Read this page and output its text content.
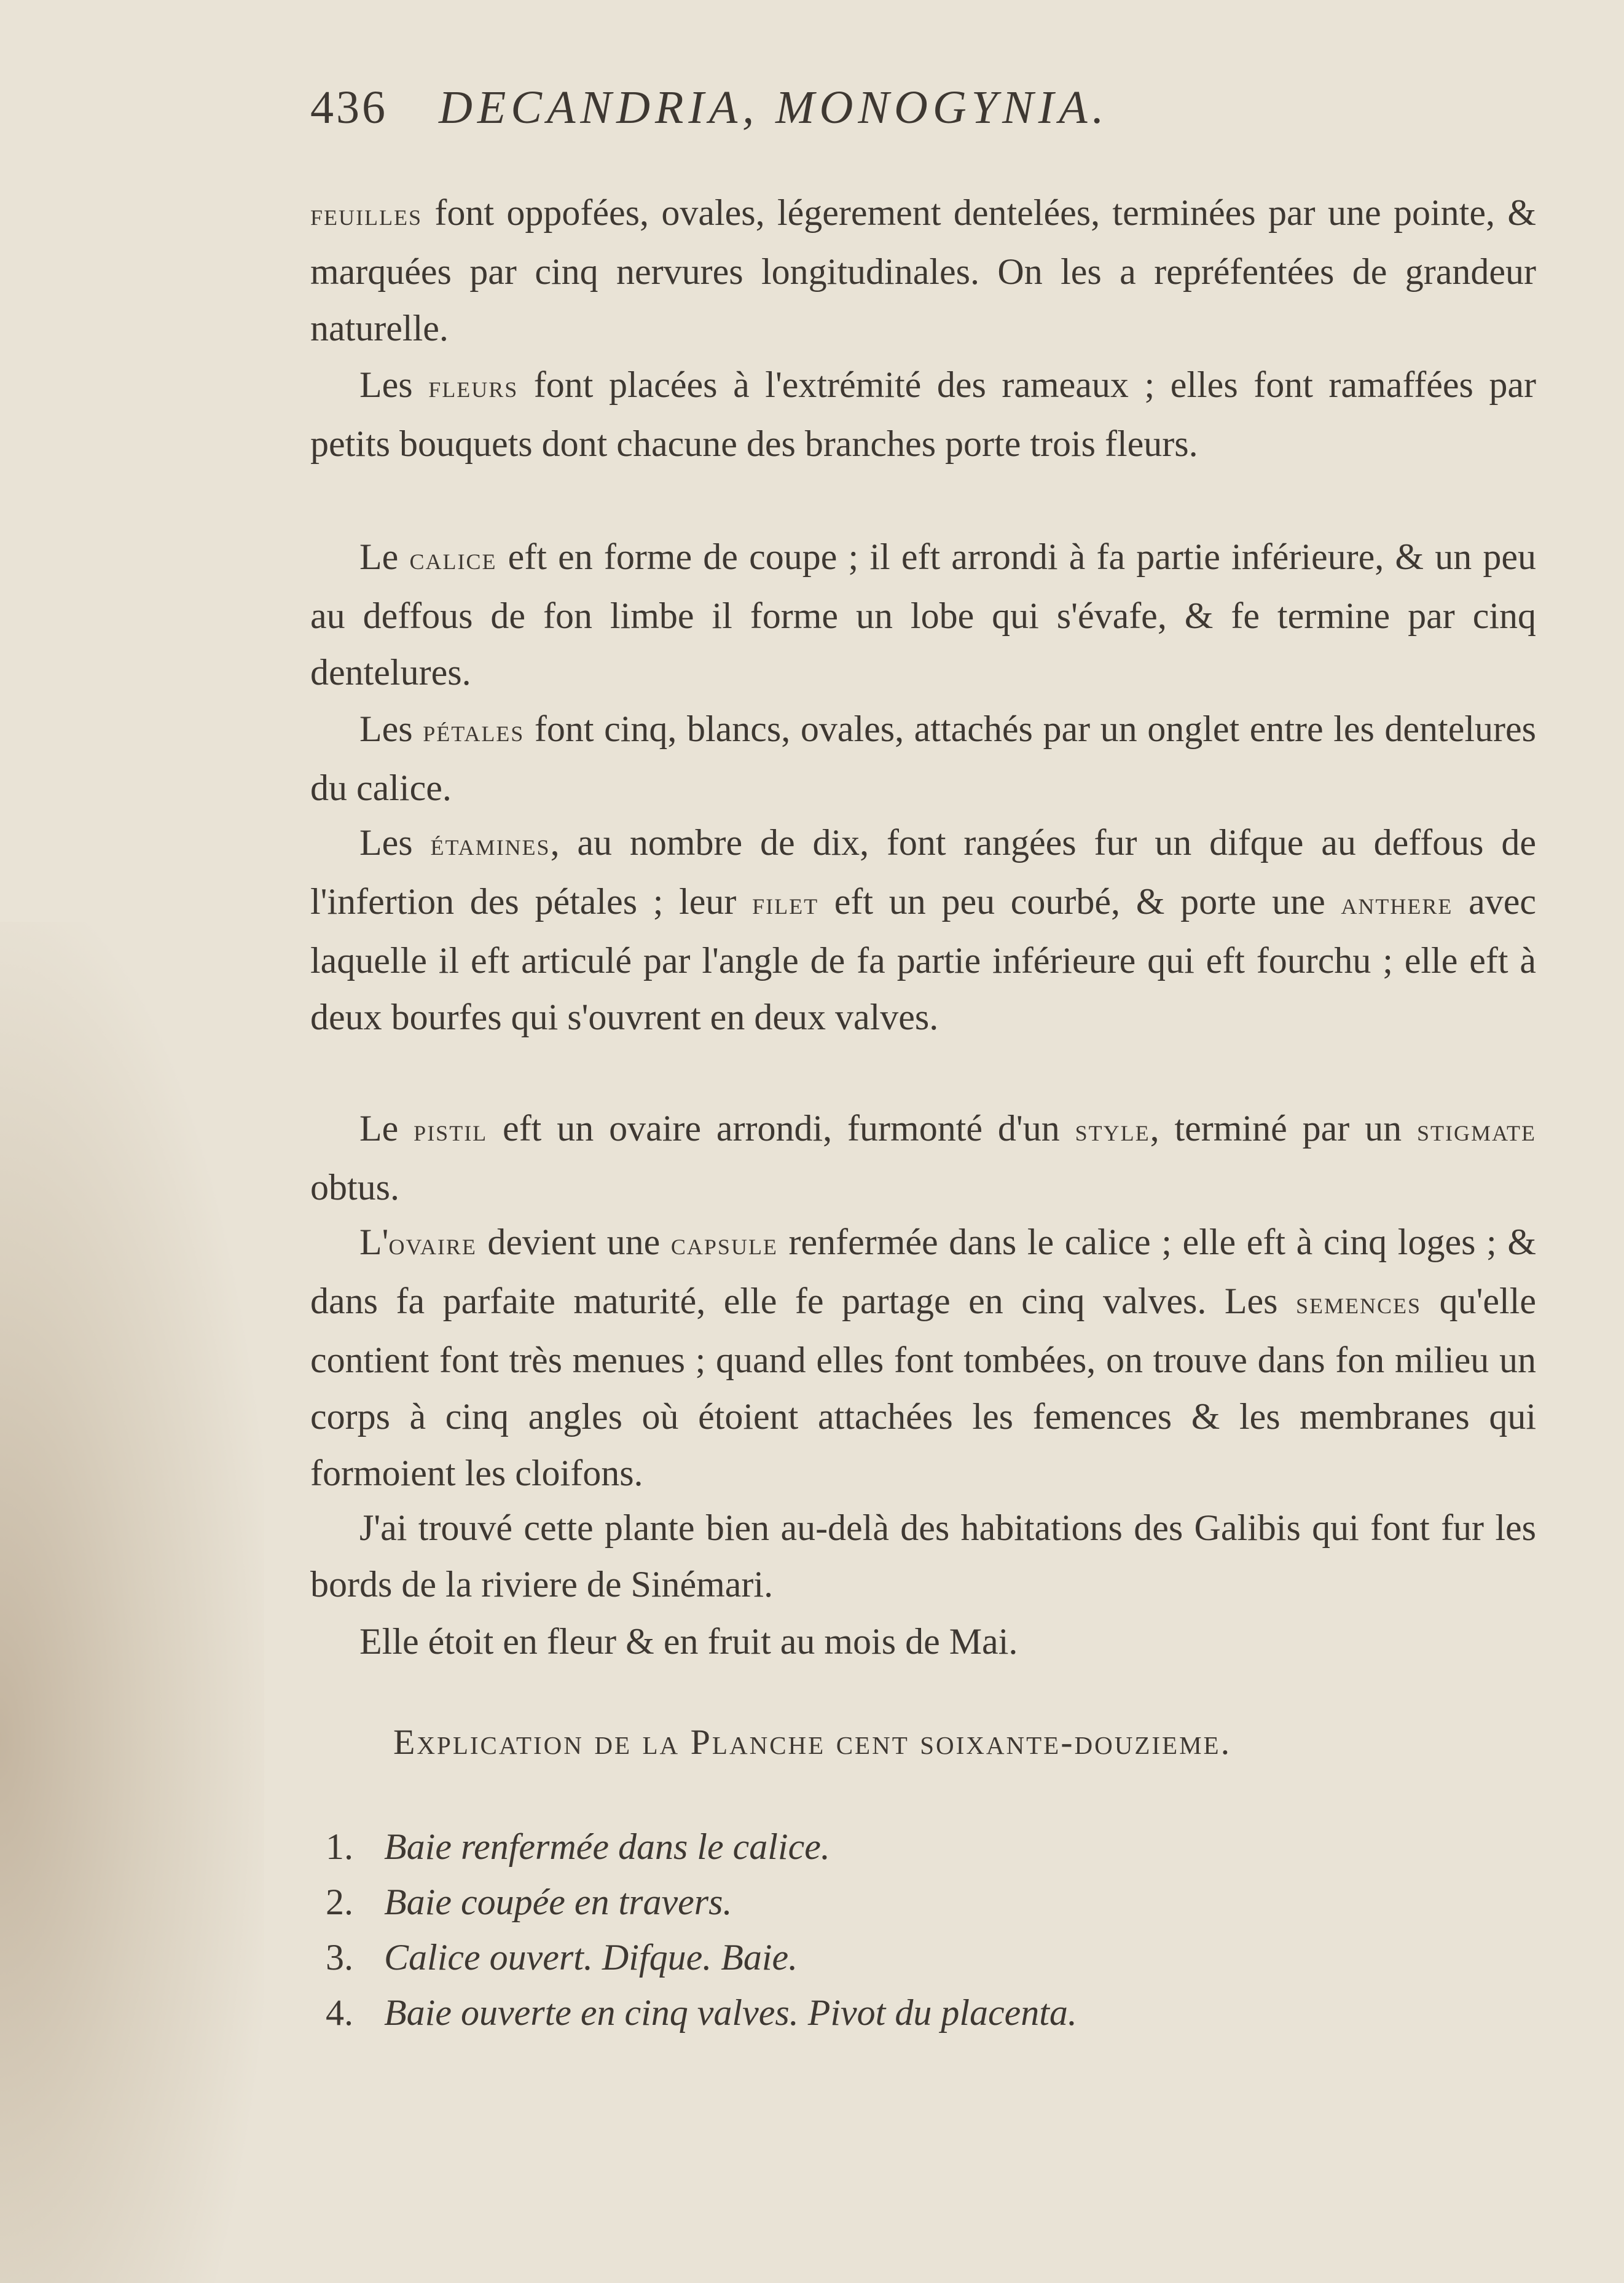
436 DECANDRIA, MONOGYNIA.

feuilles font oppofées, ovales, légerement dentelées, terminées par une pointe, & marquées par cinq nervures longitudinales. On les a repréfentées de grandeur naturelle.

Les fleurs font placées à l'extrémité des rameaux ; elles font ramaffées par petits bouquets dont chacune des branches porte trois fleurs.

Le calice eft en forme de coupe ; il eft arrondi à fa partie inférieure, & un peu au deffous de fon limbe il forme un lobe qui s'évafe, & fe termine par cinq dentelures.

Les pétales font cinq, blancs, ovales, attachés par un onglet entre les dentelures du calice.

Les étamines, au nombre de dix, font rangées fur un difque au deffous de l'infertion des pétales ; leur filet eft un peu courbé, & porte une anthere avec laquelle il eft articulé par l'angle de fa partie inférieure qui eft fourchu ; elle eft à deux bourfes qui s'ouvrent en deux valves.

Le pistil eft un ovaire arrondi, furmonté d'un style, terminé par un stigmate obtus.

L'ovaire devient une capsule renfermée dans le calice ; elle eft à cinq loges ; & dans fa parfaite maturité, elle fe partage en cinq valves. Les semences qu'elle contient font très menues ; quand elles font tombées, on trouve dans fon milieu un corps à cinq angles où étoient attachées les femences & les membranes qui formoient les cloifons.

J'ai trouvé cette plante bien au-delà des habitations des Galibis qui font fur les bords de la riviere de Sinémari.

Elle étoit en fleur & en fruit au mois de Mai.

Explication de la Planche cent soixante-douzieme.
1. Baie renfermée dans le calice.
2. Baie coupée en travers.
3. Calice ouvert. Difque. Baie.
4. Baie ouverte en cinq valves. Pivot du placenta.
